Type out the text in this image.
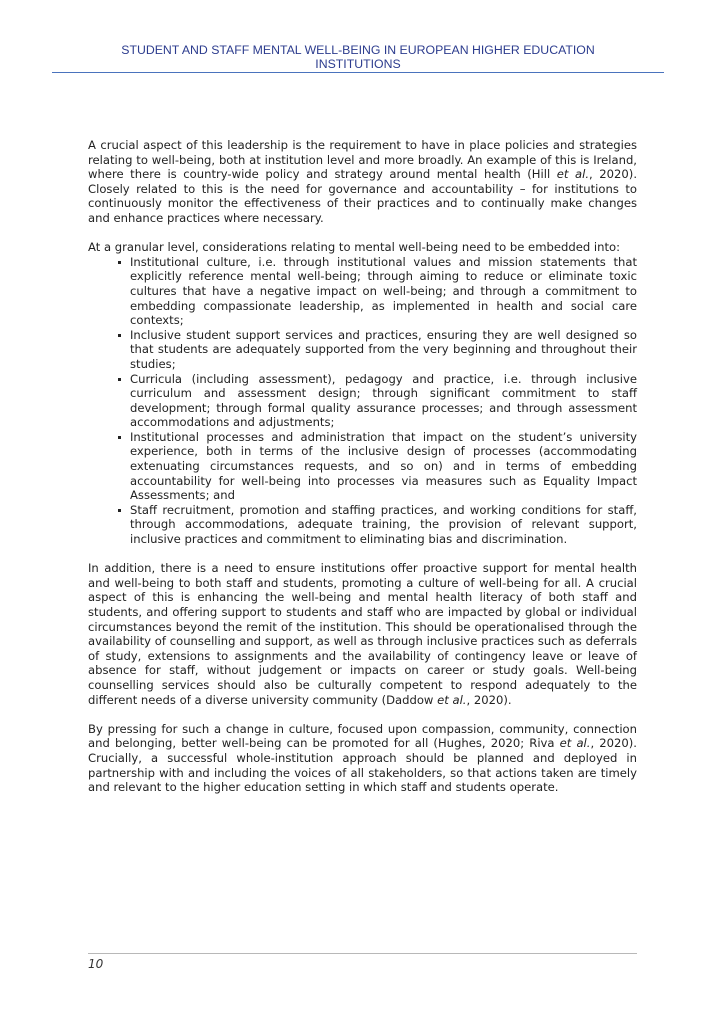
STUDENT AND STAFF MENTAL WELL-BEING IN EUROPEAN HIGHER EDUCATION
INSTITUTIONS

A crucial aspect of this leadership is the requirement to have in place policies and strategies relating to well-being, both at institution level and more broadly. An example of this is Ireland, where there is country-wide policy and strategy around mental health (Hill et al., 2020). Closely related to this is the need for governance and accountability – for institutions to continuously monitor the effectiveness of their practices and to continually make changes and enhance practices where necessary.

At a granular level, considerations relating to mental well-being need to be embedded into:

Institutional culture, i.e. through institutional values and mission statements that explicitly reference mental well-being; through aiming to reduce or eliminate toxic cultures that have a negative impact on well-being; and through a commitment to embedding compassionate leadership, as implemented in health and social care contexts;
Inclusive student support services and practices, ensuring they are well designed so that students are adequately supported from the very beginning and throughout their studies;
Curricula (including assessment), pedagogy and practice, i.e. through inclusive curriculum and assessment design; through significant commitment to staff development; through formal quality assurance processes; and through assessment accommodations and adjustments;
Institutional processes and administration that impact on the student’s university experience, both in terms of the inclusive design of processes (accommodating extenuating circumstances requests, and so on) and in terms of embedding accountability for well-being into processes via measures such as Equality Impact Assessments; and
Staff recruitment, promotion and staffing practices, and working conditions for staff, through accommodations, adequate training, the provision of relevant support, inclusive practices and commitment to eliminating bias and discrimination.

In addition, there is a need to ensure institutions offer proactive support for mental health and well-being to both staff and students, promoting a culture of well-being for all. A crucial aspect of this is enhancing the well-being and mental health literacy of both staff and students, and offering support to students and staff who are impacted by global or individual circumstances beyond the remit of the institution. This should be operationalised through the availability of counselling and support, as well as through inclusive practices such as deferrals of study, extensions to assignments and the availability of contingency leave or leave of absence for staff, without judgement or impacts on career or study goals. Well-being counselling services should also be culturally competent to respond adequately to the different needs of a diverse university community (Daddow et al., 2020).

By pressing for such a change in culture, focused upon compassion, community, connection and belonging, better well-being can be promoted for all (Hughes, 2020; Riva et al., 2020). Crucially, a successful whole-institution approach should be planned and deployed in partnership with and including the voices of all stakeholders, so that actions taken are timely and relevant to the higher education setting in which staff and students operate.

10
